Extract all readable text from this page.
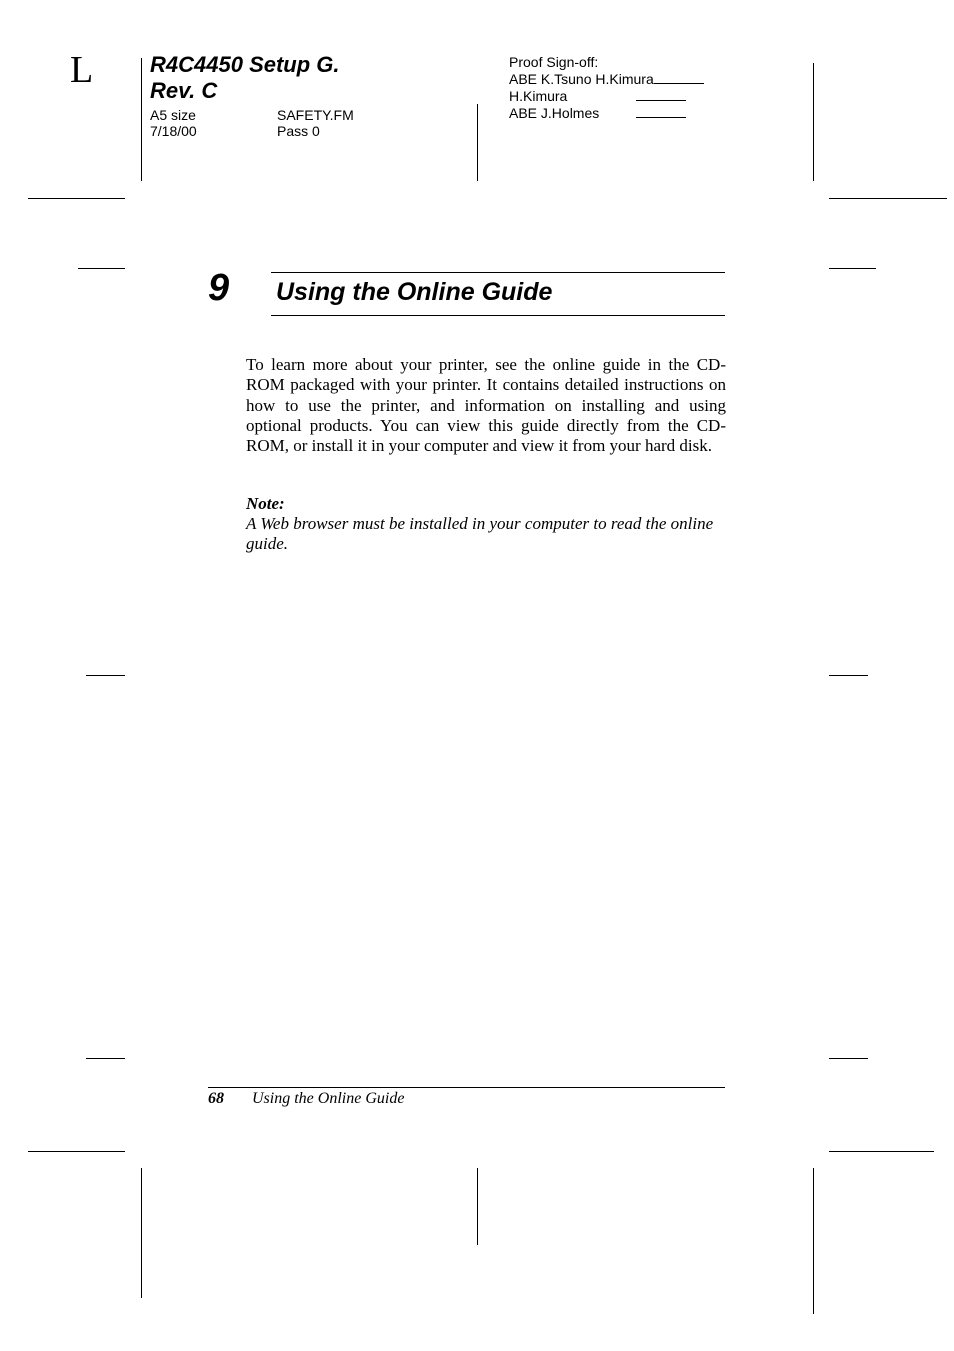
L	R4C4450 Setup G.
Rev. C
A5 size
7/18/00
SAFETY.FM
Pass 0
Proof Sign-off:
ABE K.Tsuno H.Kimura
H.Kimura
ABE J.Holmes
9 Using the Online Guide
To learn more about your printer, see the online guide in the CD-ROM packaged with your printer. It contains detailed instructions on how to use the printer, and information on installing and using optional products. You can view this guide directly from the CD-ROM, or install it in your computer and view it from your hard disk.
Note:
A Web browser must be installed in your computer to read the online guide.
68 Using the Online Guide
